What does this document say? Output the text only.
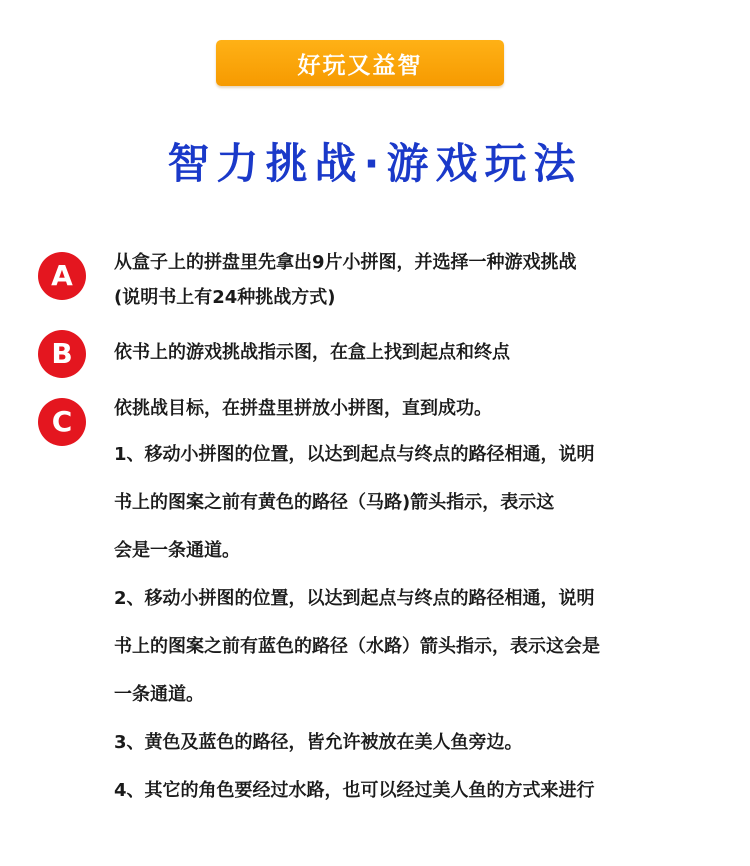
好玩又益智
智力挑战·游戏玩法
A	从盒子上的拼盘里先拿出9片小拼图，并选择一种游戏挑战
(说明书上有24种挑战方式)
B	依书上的游戏挑战指示图，在盒上找到起点和终点
C	依挑战目标，在拼盘里拼放小拼图，直到成功。
1、移动小拼图的位置，以达到起点与终点的路径相通，说明
书上的图案之前有黄色的路径（马路)箭头指示，表示这
会是一条通道。
2、移动小拼图的位置，以达到起点与终点的路径相通，说明
书上的图案之前有蓝色的路径（水路）箭头指示，表示这会是
一条通道。
3、黄色及蓝色的路径，皆允许被放在美人鱼旁边。
4、其它的角色要经过水路，也可以经过美人鱼的方式来进行
